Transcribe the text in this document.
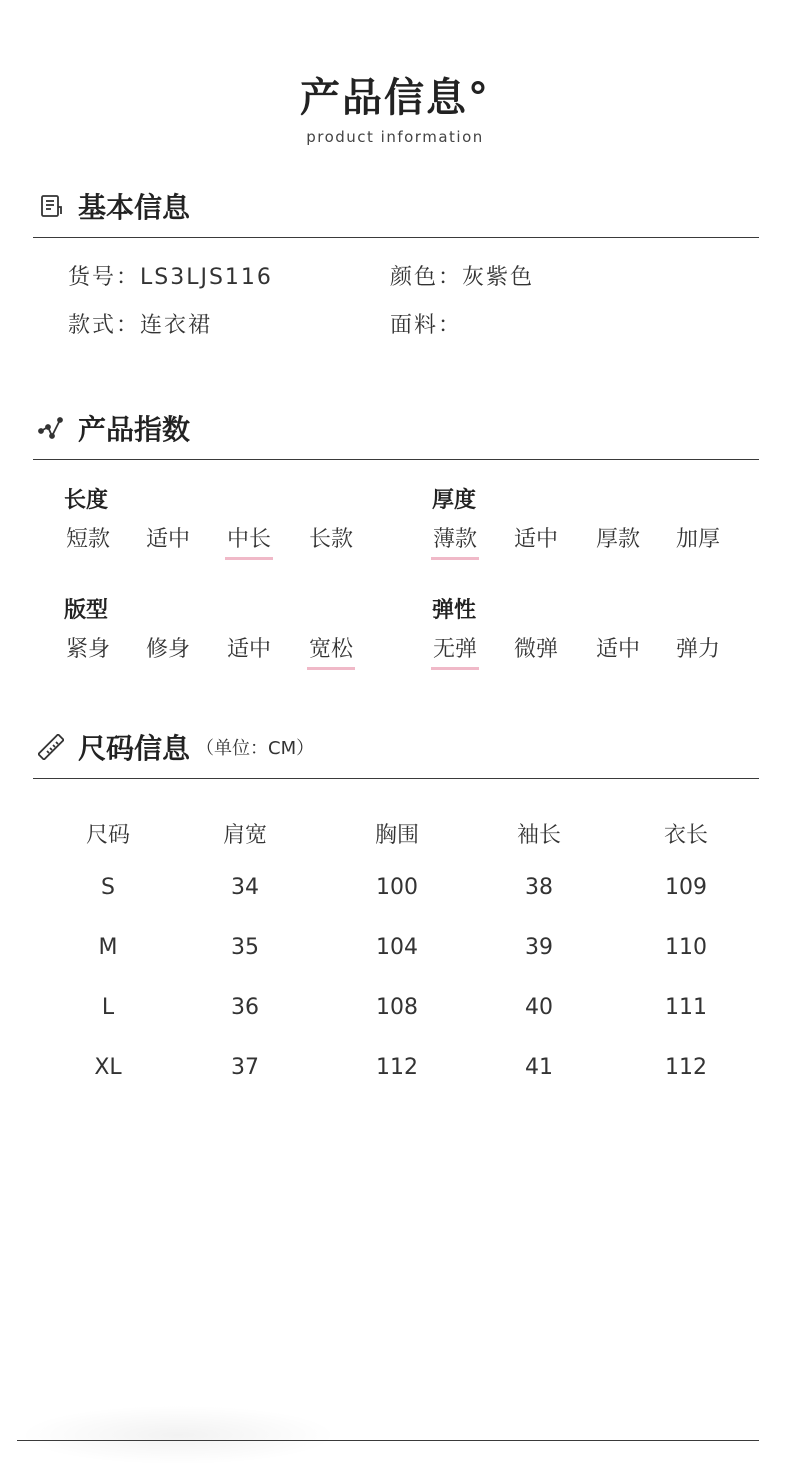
产品信息°
product information
基本信息
货号：LS3LJS116	颜色：灰紫色
款式：连衣裙	面料：
产品指数
长度
短款	适中	中长	长款
厚度
薄款	适中	厚款	加厚
版型
紧身	修身	适中	宽松
弹性
无弹	微弹	适中	弹力
尺码信息 （单位：CM）
尺码	肩宽	胸围	袖长	衣长
S	34	100	38	109
M	35	104	39	110
L	36	108	40	111
XL	37	112	41	112
